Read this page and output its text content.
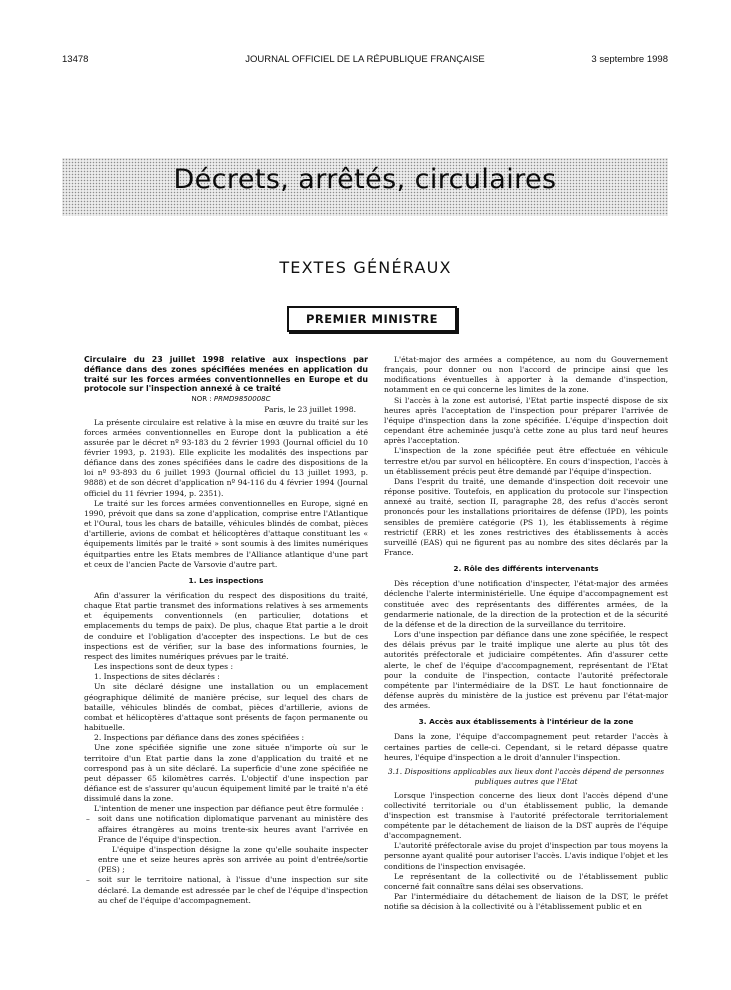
13478	JOURNAL OFFICIEL DE LA RÉPUBLIQUE FRANÇAISE	3 septembre 1998
Décrets, arrêtés, circulaires
TEXTES GÉNÉRAUX
PREMIER MINISTRE

Circulaire du 23 juillet 1998 relative aux inspections par défiance dans des zones spécifiées menées en application du traité sur les forces armées conventionnelles en Europe et du protocole sur l'inspection annexé à ce traité

NOR : PRMD9850008C

Paris, le 23 juillet 1998.

La présente circulaire est relative à la mise en œuvre du traité sur les forces armées conventionnelles en Europe dont la publication a été assurée par le décret nº 93-183 du 2 février 1993 (Journal officiel du 10 février 1993, p. 2193). Elle explicite les modalités des inspections par défiance dans des zones spécifiées dans le cadre des dispositions de la loi nº 93-893 du 6 juillet 1993 (Journal officiel du 13 juillet 1993, p. 9888) et de son décret d'application nº 94-116 du 4 février 1994 (Journal officiel du 11 février 1994, p. 2351).

Le traité sur les forces armées conventionnelles en Europe, signé en 1990, prévoit que dans sa zone d'application, comprise entre l'Atlantique et l'Oural, tous les chars de bataille, véhicules blindés de combat, pièces d'artillerie, avions de combat et hélicoptères d'attaque constituant les « équipements limités par le traité » sont soumis à des limites numériques équitparties entre les Etats membres de l'Alliance atlantique d'une part et ceux de l'ancien Pacte de Varsovie d'autre part.

1. Les inspections

Afin d'assurer la vérification du respect des dispositions du traité, chaque Etat partie transmet des informations relatives à ses armements et équipements conventionnels (en particulier, dotations et emplacements du temps de paix). De plus, chaque Etat partie a le droit de conduire et l'obligation d'accepter des inspections. Le but de ces inspections est de vérifier, sur la base des informations fournies, le respect des limites numériques prévues par le traité.

Les inspections sont de deux types :

1. Inspections de sites déclarés :

Un site déclaré désigne une installation ou un emplacement géographique délimité de manière précise, sur lequel des chars de bataille, véhicules blindés de combat, pièces d'artillerie, avions de combat et hélicoptères d'attaque sont présents de façon permanente ou habituelle.

2. Inspections par défiance dans des zones spécifiées :

Une zone spécifiée signifie une zone située n'importe où sur le territoire d'un Etat partie dans la zone d'application du traité et ne correspond pas à un site déclaré. La superficie d'une zone spécifiée ne peut dépasser 65 kilomètres carrés. L'objectif d'une inspection par défiance est de s'assurer qu'aucun équipement limité par le traité n'a été dissimulé dans la zone.

L'intention de mener une inspection par défiance peut être formulée :

– soit dans une notification diplomatique parvenant au ministère des affaires étrangères au moins trente-six heures avant l'arrivée en France de l'équipe d'inspection.

L'équipe d'inspection désigne la zone qu'elle souhaite inspecter entre une et seize heures après son arrivée au point d'entrée/sortie (PES) ;

– soit sur le territoire national, à l'issue d'une inspection sur site déclaré. La demande est adressée par le chef de l'équipe d'inspection au chef de l'équipe d'accompagnement.

L'état-major des armées a compétence, au nom du Gouvernement français, pour donner ou non l'accord de principe ainsi que les modifications éventuelles à apporter à la demande d'inspection, notamment en ce qui concerne les limites de la zone.

Si l'accès à la zone est autorisé, l'Etat partie inspecté dispose de six heures après l'acceptation de l'inspection pour préparer l'arrivée de l'équipe d'inspection dans la zone spécifiée. L'équipe d'inspection doit cependant être acheminée jusqu'à cette zone au plus tard neuf heures après l'acceptation.

L'inspection de la zone spécifiée peut être effectuée en véhicule terrestre et/ou par survol en hélicoptère. En cours d'inspection, l'accès à un établissement précis peut être demandé par l'équipe d'inspection.

Dans l'esprit du traité, une demande d'inspection doit recevoir une réponse positive. Toutefois, en application du protocole sur l'inspection annexé au traité, section II, paragraphe 28, des refus d'accès seront prononcés pour les installations prioritaires de défense (IPD), les points sensibles de première catégorie (PS 1), les établissements à régime restrictif (ERR) et les zones restrictives des établissements à accès surveillé (EAS) qui ne figurent pas au nombre des sites déclarés par la France.

2. Rôle des différents intervenants

Dès réception d'une notification d'inspecter, l'état-major des armées déclenche l'alerte interministérielle. Une équipe d'accompagnement est constituée avec des représentants des différentes armées, de la gendarmerie nationale, de la direction de la protection et de la sécurité de la défense et de la direction de la surveillance du territoire.

Lors d'une inspection par défiance dans une zone spécifiée, le respect des délais prévus par le traité implique une alerte au plus tôt des autorités préfectorale et judiciaire compétentes. Afin d'assurer cette alerte, le chef de l'équipe d'accompagnement, représentant de l'Etat pour la conduite de l'inspection, contacte l'autorité préfectorale compétente par l'intermédiaire de la DST. Le haut fonctionnaire de défense auprès du ministère de la justice est prévenu par l'état-major des armées.

3. Accès aux établissements à l'intérieur de la zone

Dans la zone, l'équipe d'accompagnement peut retarder l'accès à certaines parties de celle-ci. Cependant, si le retard dépasse quatre heures, l'équipe d'inspection a le droit d'annuler l'inspection.

3.1. Dispositions applicables aux lieux dont l'accès dépend de personnes publiques autres que l'Etat

Lorsque l'inspection concerne des lieux dont l'accès dépend d'une collectivité territoriale ou d'un établissement public, la demande d'inspection est transmise à l'autorité préfectorale territorialement compétente par le détachement de liaison de la DST auprès de l'équipe d'accompagnement.

L'autorité préfectorale avise du projet d'inspection par tous moyens la personne ayant qualité pour autoriser l'accès. L'avis indique l'objet et les conditions de l'inspection envisagée.

Le représentant de la collectivité ou de l'établissement public concerné fait connaître sans délai ses observations.

Par l'intermédiaire du détachement de liaison de la DST, le préfet notifie sa décision à la collectivité ou à l'établissement public et en
